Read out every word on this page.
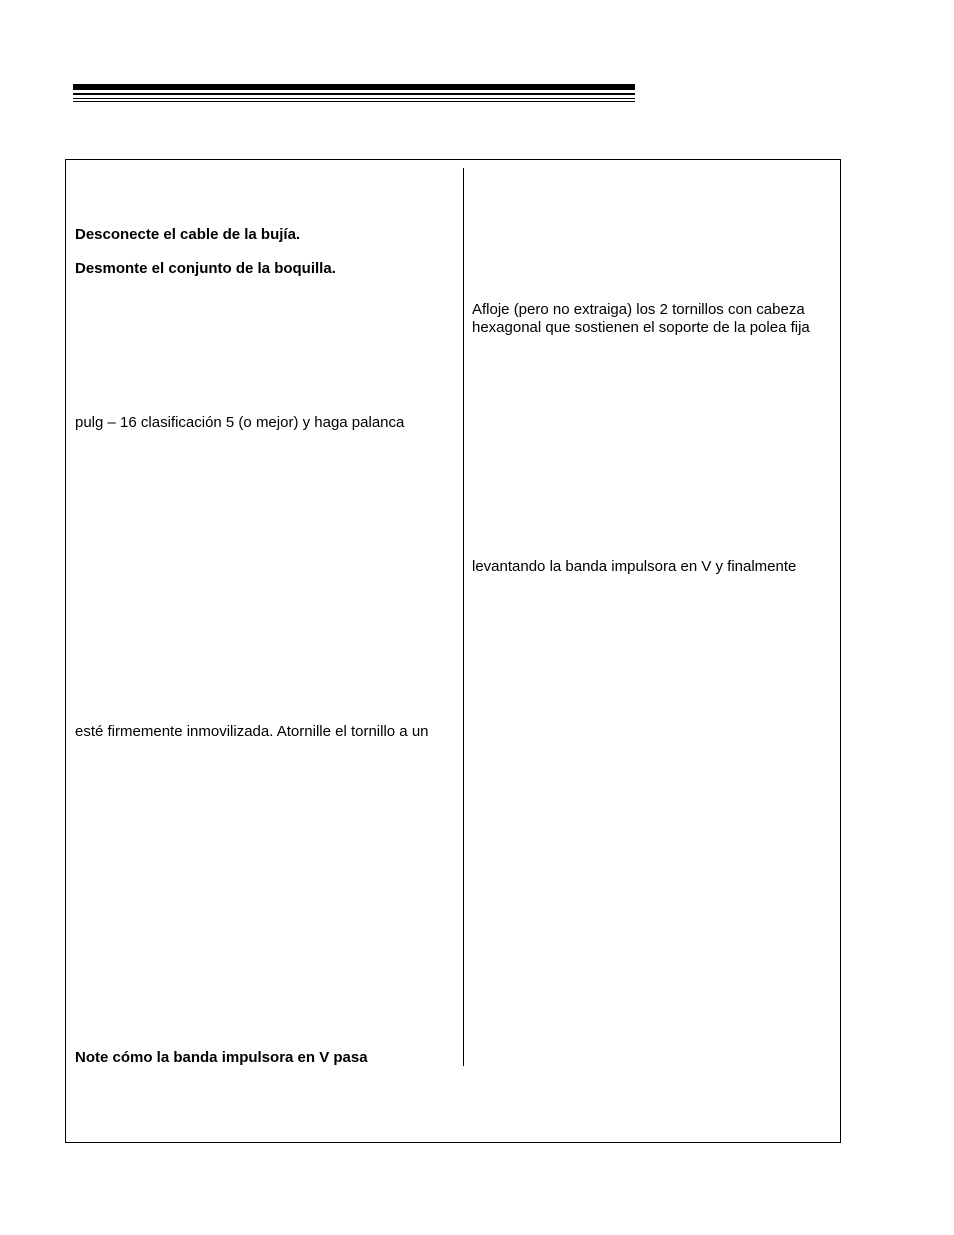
Desconecte el cable de la bujía.
Desmonte el conjunto de la boquilla.
pulg – 16 clasificación 5 (o mejor) y haga palanca
esté firmemente inmovilizada. Atornille el tornillo a un
Note cómo la banda impulsora en V pasa
Afloje (pero no extraiga) los 2 tornillos con cabeza
hexagonal que sostienen el soporte de la polea fija
levantando la banda impulsora en V y finalmente
